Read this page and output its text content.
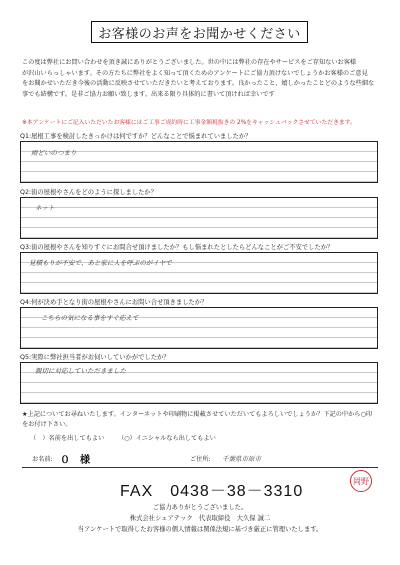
お客様のお声をお聞かせください

この度は弊社にお問い合わせを頂き誠にありがとうございました。世の中には弊社の存在やサービスをご存知ないお客様

が沢山いらっしゃいます。その方たちに弊社をよく知って頂くためのアンケートにご協力頂けないでしょうかお客様のご意見

をお聞かせいただき今後の活動に反映させていただきたいと考えております。良かったこと、嬉しかったことどのような些細な

事でも結構です。是非ご協力お願い致します。出来る限り具体的に書いて頂ければ幸いです

※本アンケートにご記入いただいたお客様にはご工事ご成約時に工事金額税抜きの 2%をキャッシュバックさせていただきます。
Q1:屋根工事を検討したきっかけは何ですか？どんなことで悩まれていましたか？
雨どいのつまり
Q2:街の屋根やさんをどのように探しましたか？
ネット
Q3:街の屋根やさんを知りすぐにお問合せ頂けましたか？もし悩まれたとしたらどんなことがご不安でしたか？
見積もりが不安で、あと家に人を呼ぶのがイヤで
Q4:何が決め手となり街の屋根やさんにお問い合せ頂きましたか？
こちらの気になる事をすぐ応えて
Q5:実際に弊社担当者がお伺いしていかがでしたか？
親切に対応していただきました
★上記についてお尋ねいたします。インターネットや印刷物に掲載させていただいてもよろしいでしょうか？下記の中から○印をお付け下さい。
（　）名前を出してもよい （○）イニシャルなら出してもよい
お名前: ０　様	ご住所: 千葉県市原市
FAX　0438－38－3310
岡野
ご協力ありがとうございました。
株式会社シェアテック　代表取締役　大久保 誠二
当アンケートで取得したお客様の個人情報は関係法規に基づき厳正に管理いたします。
